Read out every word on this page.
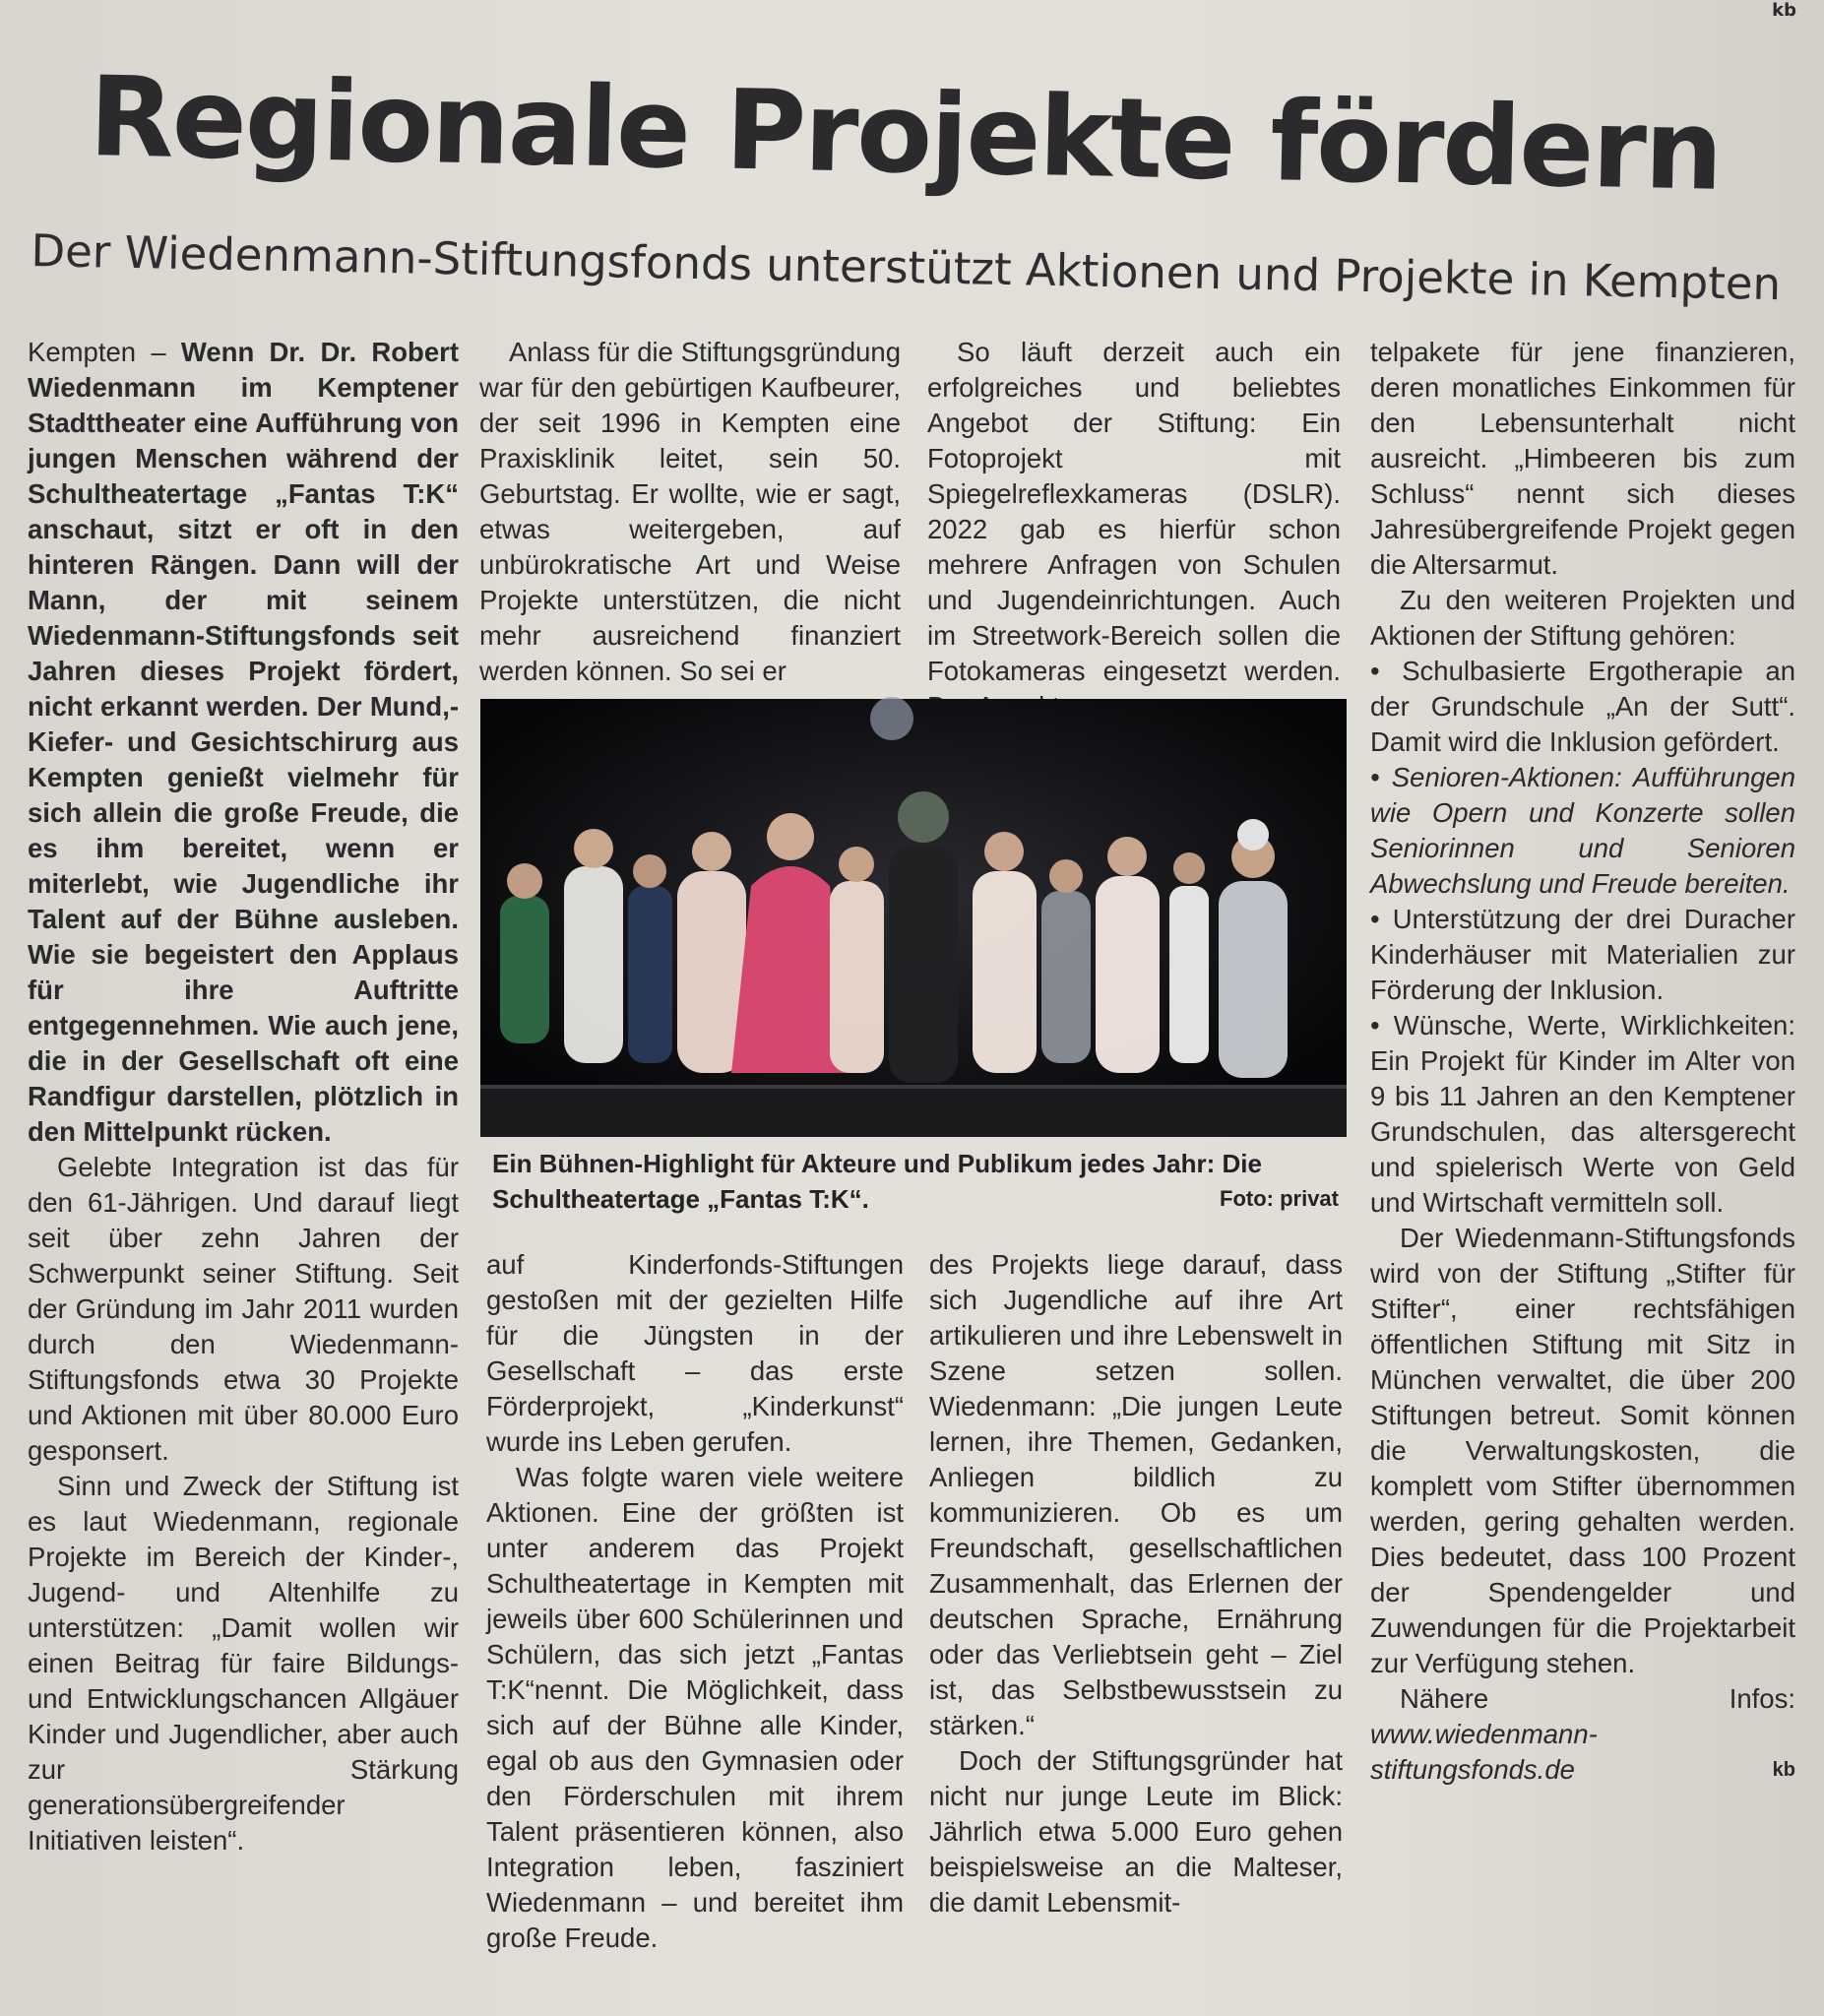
kb
Regionale Projekte fördern
Der Wiedenmann-Stiftungsfonds unterstützt Aktionen und Projekte in Kempten

Kempten – Wenn Dr. Dr. Robert Wiedenmann im Kemptener Stadttheater eine Aufführung von jungen Menschen während der Schultheatertage „Fantas T:K“ anschaut, sitzt er oft in den hinteren Rängen. Dann will der Mann, der mit seinem Wiedenmann-Stiftungsfonds seit Jahren dieses Projekt fördert, nicht erkannt werden. Der Mund,- Kiefer- und Gesichtschirurg aus Kempten genießt vielmehr für sich allein die große Freude, die es ihm bereitet, wenn er miterlebt, wie Jugendliche ihr Talent auf der Bühne ausleben. Wie sie begeistert den Applaus für ihre Auftritte entgegennehmen. Wie auch jene, die in der Gesellschaft oft eine Randfigur darstellen, plötzlich in den Mittelpunkt rücken.

Gelebte Integration ist das für den 61-Jährigen. Und darauf liegt seit über zehn Jahren der Schwerpunkt seiner Stiftung. Seit der Gründung im Jahr 2011 wurden durch den Wiedenmann-Stiftungsfonds etwa 30 Projekte und Aktionen mit über 80.000 Euro gesponsert.

Sinn und Zweck der Stiftung ist es laut Wiedenmann, regionale Projekte im Bereich der Kinder-, Jugend- und Altenhilfe zu unterstützen: „Damit wollen wir einen Beitrag für faire Bildungs- und Entwicklungschancen Allgäuer Kinder und Jugendlicher, aber auch zur Stärkung generationsübergreifender Initiativen leisten“.

Anlass für die Stiftungsgründung war für den gebürtigen Kaufbeurer, der seit 1996 in Kempten eine Praxisklinik leitet, sein 50. Geburtstag. Er wollte, wie er sagt, etwas weitergeben, auf unbürokratische Art und Weise Projekte unterstützen, die nicht mehr ausreichend finanziert werden können. So sei er

So läuft derzeit auch ein erfolgreiches und beliebtes Angebot der Stiftung: Ein Fotoprojekt mit Spiegelreflexkameras (DSLR). 2022 gab es hierfür schon mehrere Anfragen von Schulen und Jugendeinrichtungen. Auch im Streetwork-Bereich sollen die Fotokameras eingesetzt werden.

Ein Bühnen-Highlight für Akteure und Publikum jedes Jahr: Die Schultheatertage „Fantas T:K“.	Foto: privat

auf Kinderfonds-Stiftungen gestoßen mit der gezielten Hilfe für die Jüngsten in der Gesellschaft – das erste Förderprojekt, „Kinderkunst“ wurde ins Leben gerufen.

Was folgte waren viele weitere Aktionen. Eine der größten ist unter anderem das Projekt Schultheatertage in Kempten mit jeweils über 600 Schülerinnen und Schülern, das sich jetzt „Fantas T:K“nennt. Die Möglichkeit, dass sich auf der Bühne alle Kinder, egal ob aus den Gymnasien oder den Förderschulen mit ihrem Talent präsentieren können, also Integration leben, fasziniert Wiedenmann – und bereitet ihm große Freude.

des Projekts liege darauf, dass sich Jugendliche auf ihre Art artikulieren und ihre Lebenswelt in Szene setzen sollen. Wiedenmann: „Die jungen Leute lernen, ihre Themen, Gedanken, Anliegen bildlich zu kommunizieren. Ob es um Freundschaft, gesellschaftlichen Zusammenhalt, das Erlernen der deutschen Sprache, Ernährung oder das Verliebtsein geht – Ziel ist, das Selbstbewusstsein zu stärken.“

Doch der Stiftungsgründer hat nicht nur junge Leute im Blick: Jährlich etwa 5.000 Euro gehen beispielsweise an die Malteser, die damit Lebensmit-

telpakete für jene finanzieren, deren monatliches Einkommen für den Lebensunterhalt nicht ausreicht. „Himbeeren bis zum Schluss“ nennt sich dieses Jahresübergreifende Projekt gegen die Altersarmut.

Zu den weiteren Projekten und Aktionen der Stiftung gehören:

• Schulbasierte Ergotherapie an der Grundschule „An der Sutt“. Damit wird die Inklusion gefördert.

• Senioren-Aktionen: Aufführungen wie Opern und Konzerte sollen Seniorinnen und Senioren Abwechslung und Freude bereiten.

• Unterstützung der drei Duracher Kinderhäuser mit Materialien zur Förderung der Inklusion.

• Wünsche, Werte, Wirklichkeiten: Ein Projekt für Kinder im Alter von 9 bis 11 Jahren an den Kemptener Grundschulen, das altersgerecht und spielerisch Werte von Geld und Wirtschaft vermitteln soll.

Der Wiedenmann-Stiftungsfonds wird von der Stiftung „Stifter für Stifter“, einer rechtsfähigen öffentlichen Stiftung mit Sitz in München verwaltet, die über 200 Stiftungen betreut. Somit können die Verwaltungskosten, die komplett vom Stifter übernommen werden, gering gehalten werden. Dies bedeutet, dass 100 Prozent der Spendengelder und Zuwendungen für die Projektarbeit zur Verfügung stehen.

Nähere Infos: www.wiedenmann-stiftungsfonds.de	kb
